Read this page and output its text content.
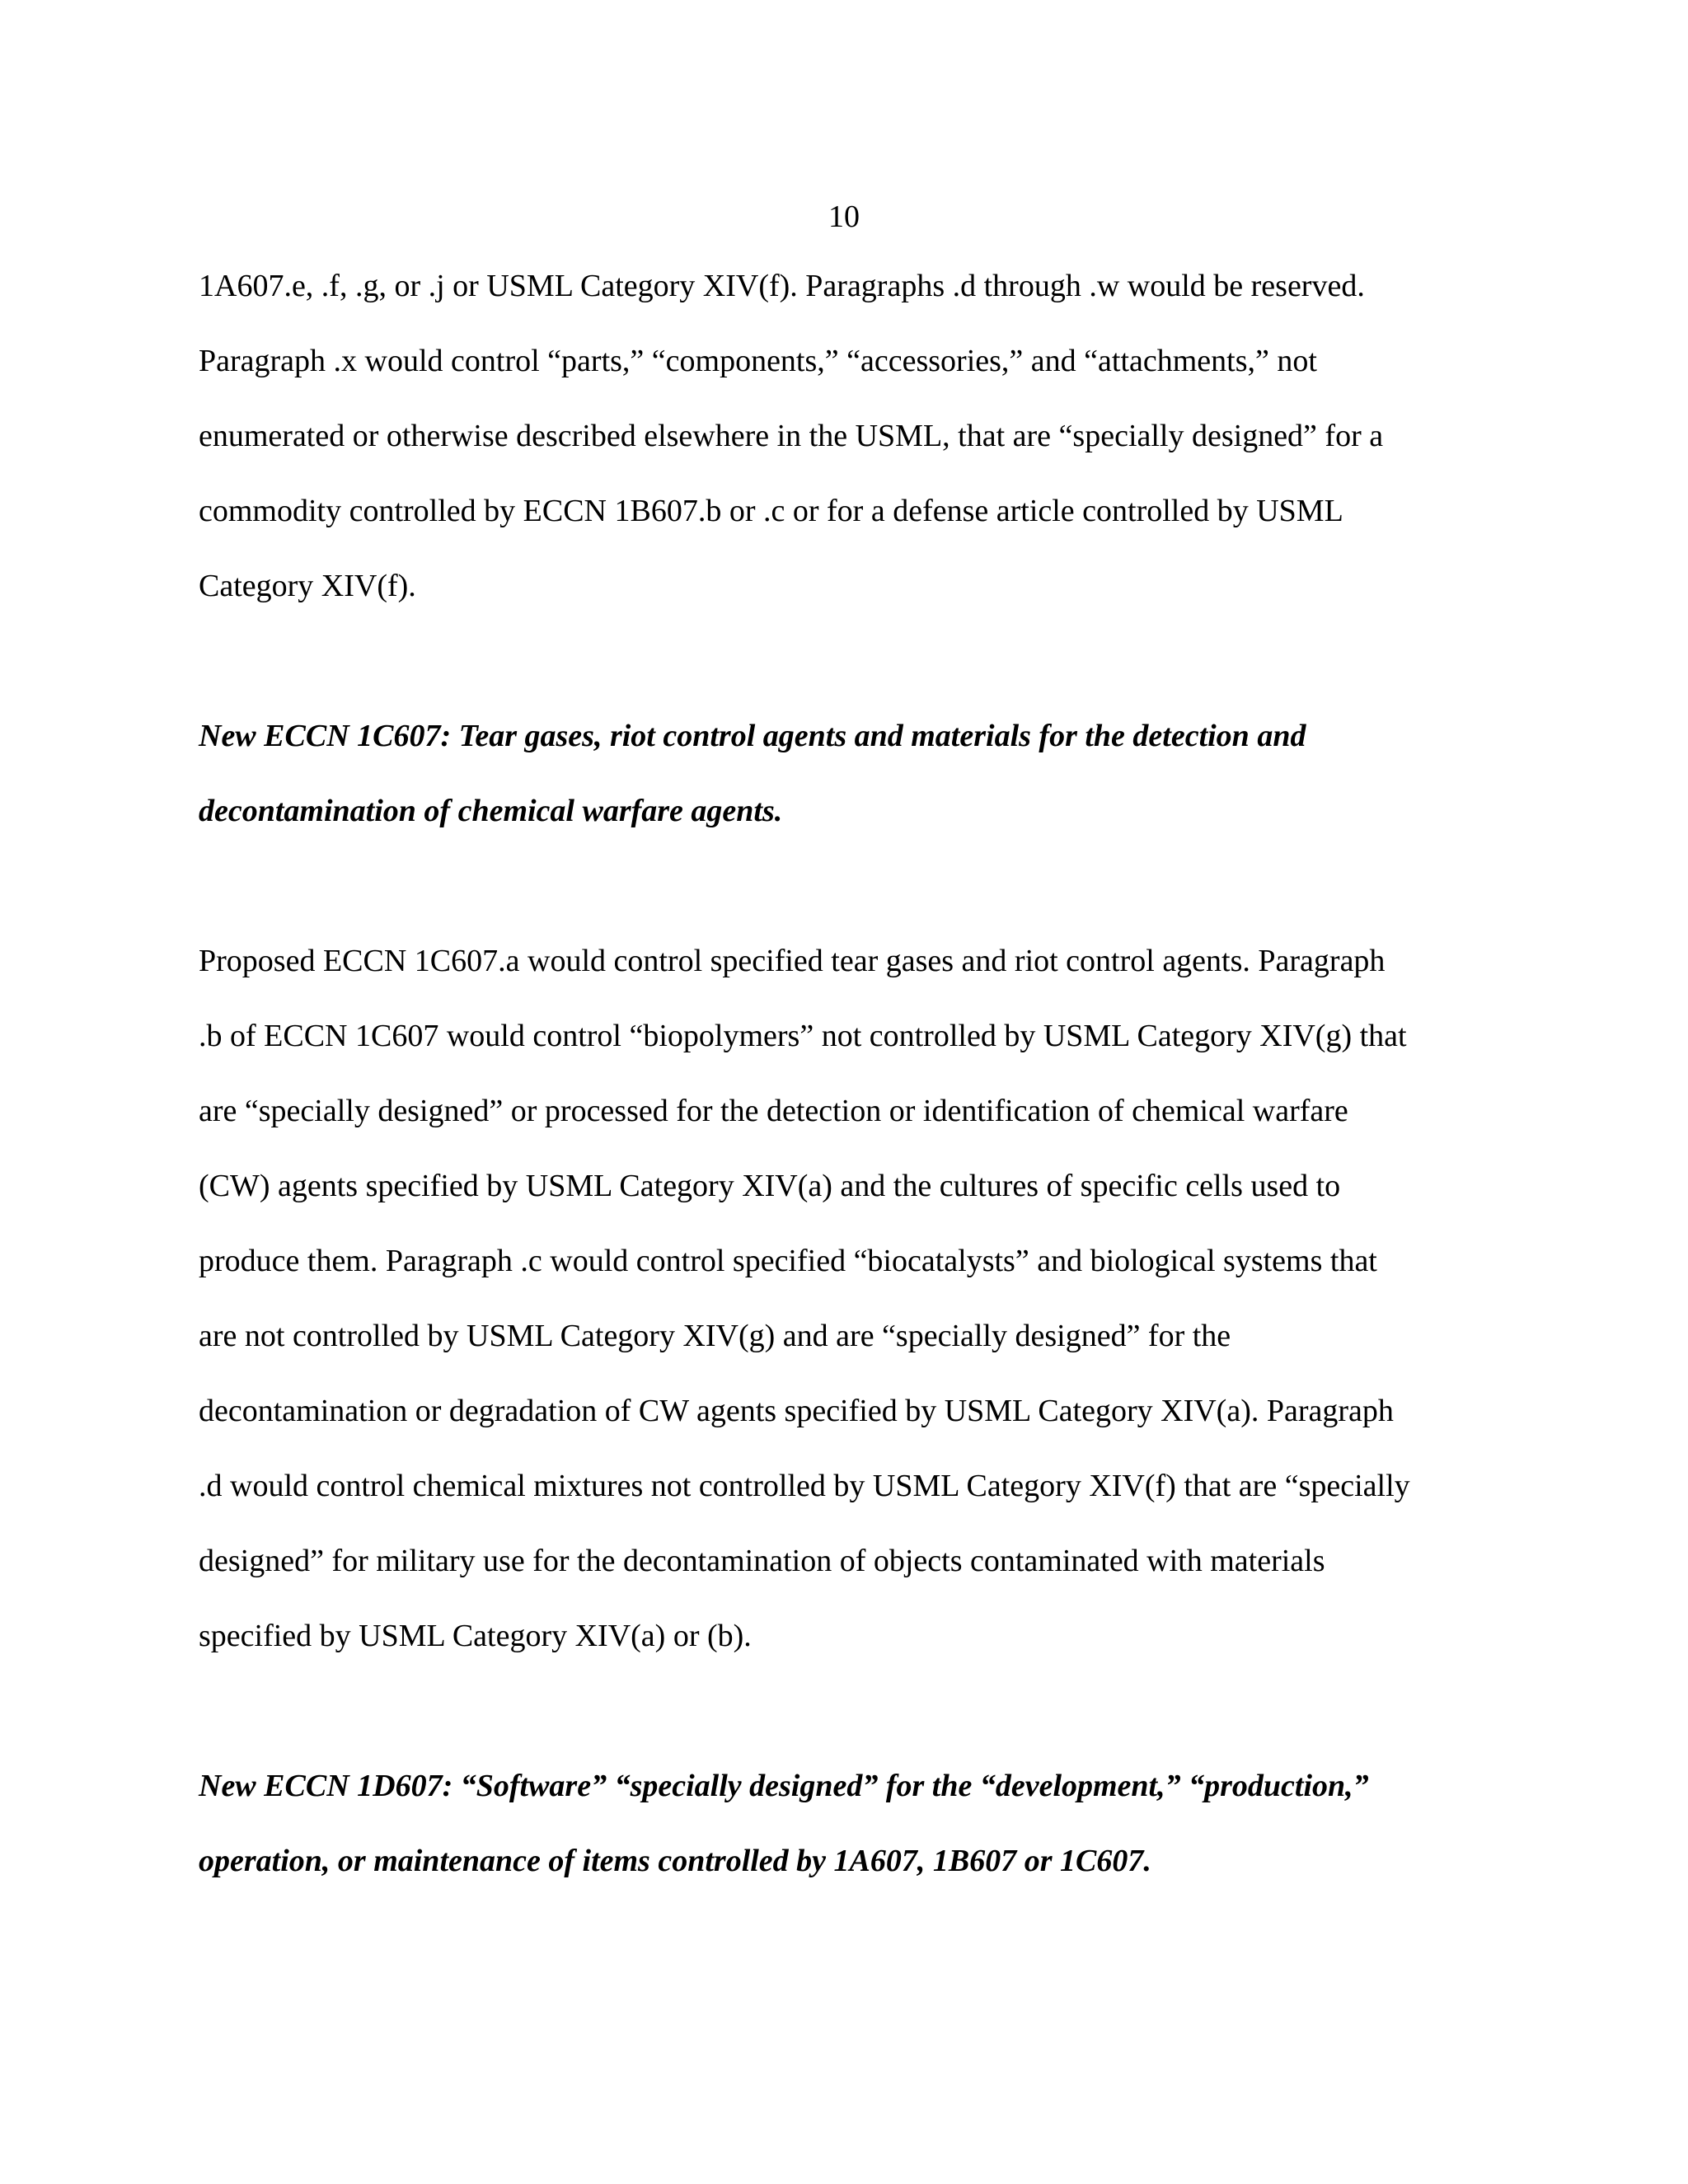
10
1A607.e, .f, .g, or .j or USML Category XIV(f). Paragraphs .d through .w would be reserved.
Paragraph .x would control “parts,” “components,” “accessories,” and “attachments,” not
enumerated or otherwise described elsewhere in the USML, that are “specially designed” for a
commodity controlled by ECCN 1B607.b or .c or for a defense article controlled by USML
Category XIV(f).
New ECCN 1C607: Tear gases, riot control agents and materials for the detection and
decontamination of chemical warfare agents.
Proposed ECCN 1C607.a would control specified tear gases and riot control agents. Paragraph
.b of ECCN 1C607 would control “biopolymers” not controlled by USML Category XIV(g) that
are “specially designed” or processed for the detection or identification of chemical warfare
(CW) agents specified by USML Category XIV(a) and the cultures of specific cells used to
produce them. Paragraph .c would control specified “biocatalysts” and biological systems that
are not controlled by USML Category XIV(g) and are “specially designed” for the
decontamination or degradation of CW agents specified by USML Category XIV(a). Paragraph
.d would control chemical mixtures not controlled by USML Category XIV(f) that are “specially
designed” for military use for the decontamination of objects contaminated with materials
specified by USML Category XIV(a) or (b).
New ECCN 1D607: “Software” “specially designed” for the “development,” “production,”
operation, or maintenance of items controlled by 1A607, 1B607 or 1C607.
